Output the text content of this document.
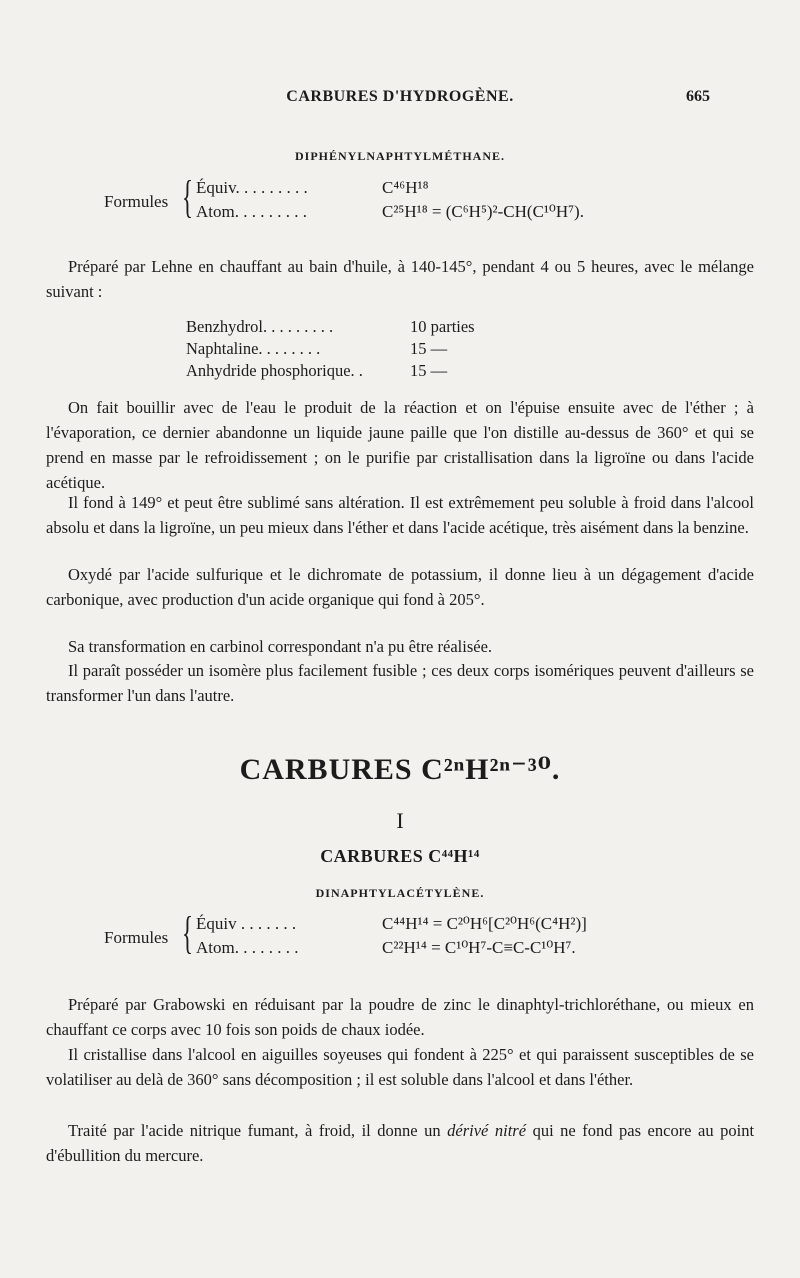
CARBURES D'HYDROGÈNE.	665
DIPHÉNYLNAPHTYLMÉTHANE.
Formules { Équiv. . . . . . . . .	C⁴⁶H¹⁸
Atom. . . . . . . . .	C²⁵H¹⁸ = (C⁶H⁵)²-CH(C¹⁰H⁷).
Préparé par Lehne en chauffant au bain d'huile, à 140-145°, pendant 4 ou 5 heures, avec le mélange suivant :
Benzhydrol. . . . . . . . .	10 parties
Naphtaline. . . . . . . .	15 —
Anhydride phosphorique. .	15 —
On fait bouillir avec de l'eau le produit de la réaction et on l'épuise ensuite avec de l'éther ; à l'évaporation, ce dernier abandonne un liquide jaune paille que l'on distille au-dessus de 360° et qui se prend en masse par le refroidissement ; on le purifie par cristallisation dans la ligroïne ou dans l'acide acétique.
Il fond à 149° et peut être sublimé sans altération. Il est extrêmement peu soluble à froid dans l'alcool absolu et dans la ligroïne, un peu mieux dans l'éther et dans l'acide acétique, très aisément dans la benzine.
Oxydé par l'acide sulfurique et le dichromate de potassium, il donne lieu à un dégagement d'acide carbonique, avec production d'un acide organique qui fond à 205°.
Sa transformation en carbinol correspondant n'a pu être réalisée.
Il paraît posséder un isomère plus facilement fusible ; ces deux corps isomériques peuvent d'ailleurs se transformer l'un dans l'autre.
CARBURES C²ⁿH²ⁿ⁻³⁰.
I
CARBURES C⁴⁴H¹⁴
DINAPHTYLACÉTYLÈNE.
Formules { Équiv . . . . . . .	C⁴⁴H¹⁴ = C²⁰H⁶[C²⁰H⁶(C⁴H²)]
Atom. . . . . . . .	C²²H¹⁴ = C¹⁰H⁷-C≡C-C¹⁰H⁷.
Préparé par Grabowski en réduisant par la poudre de zinc le dinaphtyl-trichloréthane, ou mieux en chauffant ce corps avec 10 fois son poids de chaux iodée.
Il cristallise dans l'alcool en aiguilles soyeuses qui fondent à 225° et qui paraissent susceptibles de se volatiliser au delà de 360° sans décomposition ; il est soluble dans l'alcool et dans l'éther.
Traité par l'acide nitrique fumant, à froid, il donne un dérivé nitré qui ne fond pas encore au point d'ébullition du mercure.
